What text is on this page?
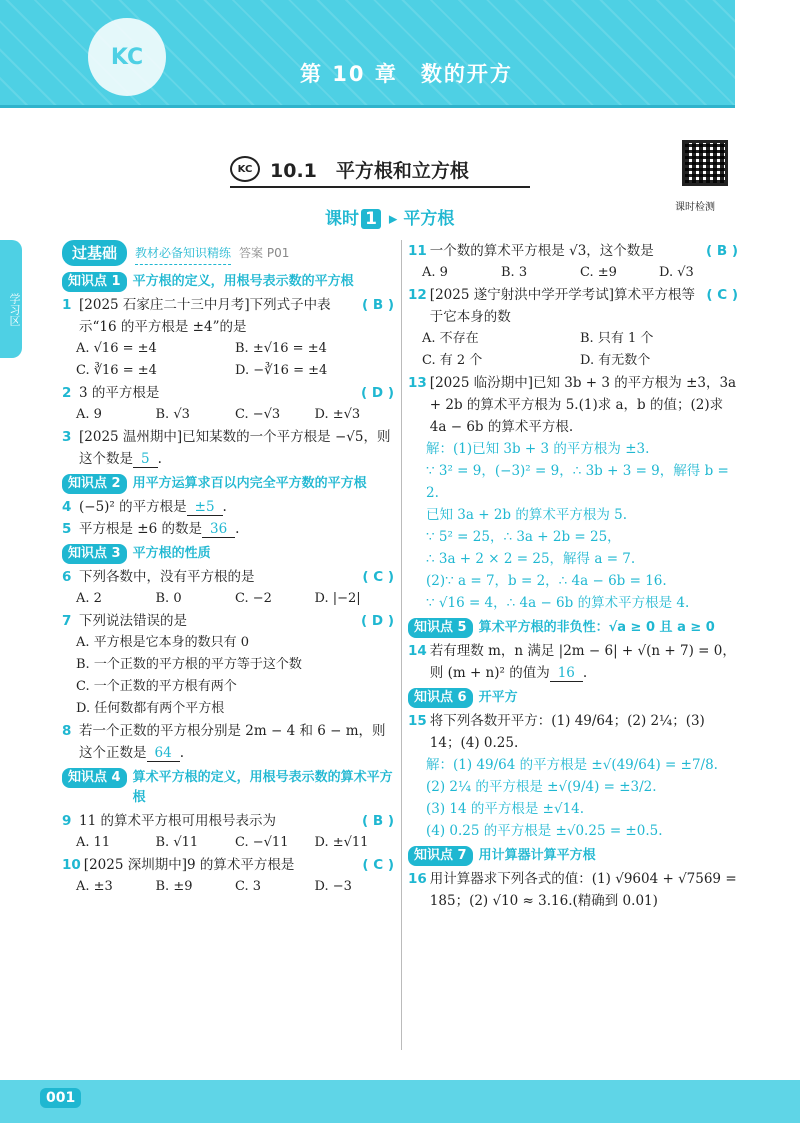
KC
第 10 章　数的开方
学习区
KC 10.1　平方根和立方根
课时检测
课时 1 ▸ 平方根
过基础	教材必备知识精练 答案 P01
知识点 1 平方根的定义，用根号表示数的平方根
1	( B )
[2025 石家庄二十三中月考]下列式子中表示“16 的平方根是 ±4”的是
A. √16 = ±4	B. ±√16 = ±4
C. ∛16 = ±4	D. −∛16 = ±4
2	( D )
3 的平方根是
A. 9	B. √3	C. −√3	D. ±√3
3 [2025 温州期中]已知某数的一个平方根是 −√5，则这个数是 5 .
知识点 2 用平方运算求百以内完全平方数的平方根
4 (−5)² 的平方根是 ±5 .
5 平方根是 ±6 的数是 36 .
知识点 3 平方根的性质
6	( C )
下列各数中，没有平方根的是
A. 2	B. 0	C. −2	D. |−2|
7	( D )
下列说法错误的是
A. 平方根是它本身的数只有 0
B. 一个正数的平方根的平方等于这个数
C. 一个正数的平方根有两个
D. 任何数都有两个平方根
8 若一个正数的平方根分别是 2m − 4 和 6 − m，则这个正数是 64 .
知识点 4 算术平方根的定义，用根号表示数的算术平方根
9	( B )
11 的算术平方根可用根号表示为
A. 11	B. √11	C. −√11	D. ±√11
10	( C )
[2025 深圳期中]9 的算术平方根是
A. ±3	B. ±9	C. 3	D. −3
11	( B )
一个数的算术平方根是 √3，这个数是
A. 9	B. 3	C. ±9	D. √3
12	( C )
[2025 遂宁射洪中学开学考试]算术平方根等于它本身的数
A. 不存在	B. 只有 1 个
C. 有 2 个	D. 有无数个
13 [2025 临汾期中]已知 3b + 3 的平方根为 ±3，3a + 2b 的算术平方根为 5.(1)求 a，b 的值；(2)求 4a − 6b 的算术平方根.
解：(1)已知 3b + 3 的平方根为 ±3.
∵ 3² = 9，(−3)² = 9，∴ 3b + 3 = 9，解得 b = 2.
已知 3a + 2b 的算术平方根为 5.
∵ 5² = 25，∴ 3a + 2b = 25，
∴ 3a + 2 × 2 = 25，解得 a = 7.
(2)∵ a = 7，b = 2，∴ 4a − 6b = 16.
∵ √16 = 4，∴ 4a − 6b 的算术平方根是 4.
知识点 5 算术平方根的非负性：√a ≥ 0 且 a ≥ 0
14 若有理数 m，n 满足 |2m − 6| + √(n + 7) = 0，则 (m + n)² 的值为 16 .
知识点 6 开平方
15 将下列各数开平方：(1) 49/64；(2) 2¼；(3) 14；(4) 0.25.
解：(1) 49/64 的平方根是 ±√(49/64) = ±7/8.
(2) 2¼ 的平方根是 ±√(9/4) = ±3/2.
(3) 14 的平方根是 ±√14.
(4) 0.25 的平方根是 ±√0.25 = ±0.5.
知识点 7 用计算器计算平方根
16 用计算器求下列各式的值：(1) √9604 + √7569 = 185；(2) √10 ≈ 3.16.(精确到 0.01)
001
